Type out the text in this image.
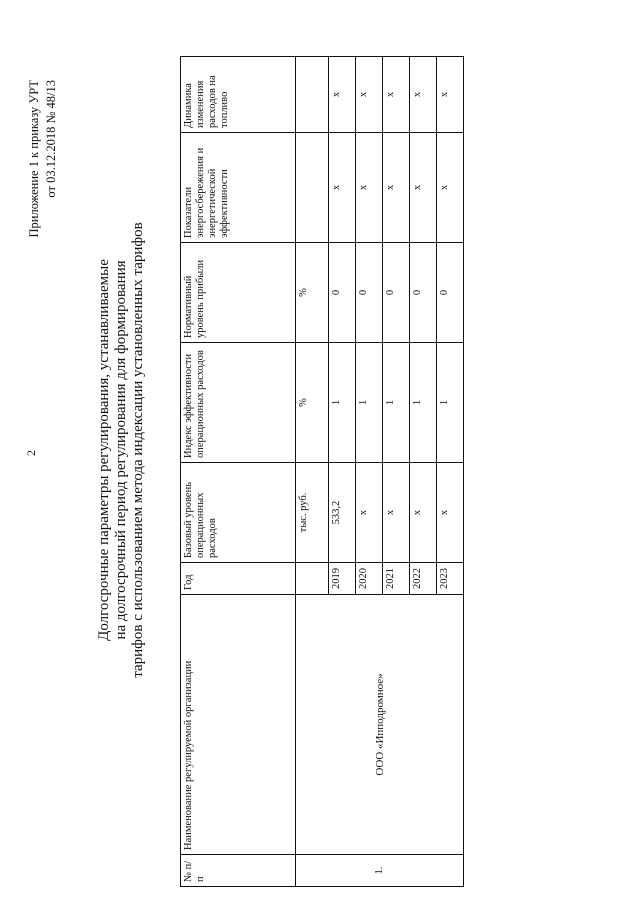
2
Приложение 1 к приказу УРТ от 03.12.2018 № 48/13
Долгосрочные параметры регулирования, устанавливаемые на долгосрочный период регулирования для формирования тарифов с использованием метода индексации установленных тарифов
№ п/п	Наименование регулируемой организации	Год	Базовый уровень операционных расходов	Индекс эффективности операционных расходов	Нормативный уровень прибыли	Показатели энергосбережения и энергетической эффективности	Динамика изменения расходов на топливо
1.	ООО «Ипподромное»		тыс. руб.	%	%		
		2019	533,2	1	0	х	х
		2020	х	1	0	х	х
		2021	х	1	0	х	х
		2022	х	1	0	х	х
		2023	х	1	0	х	х
